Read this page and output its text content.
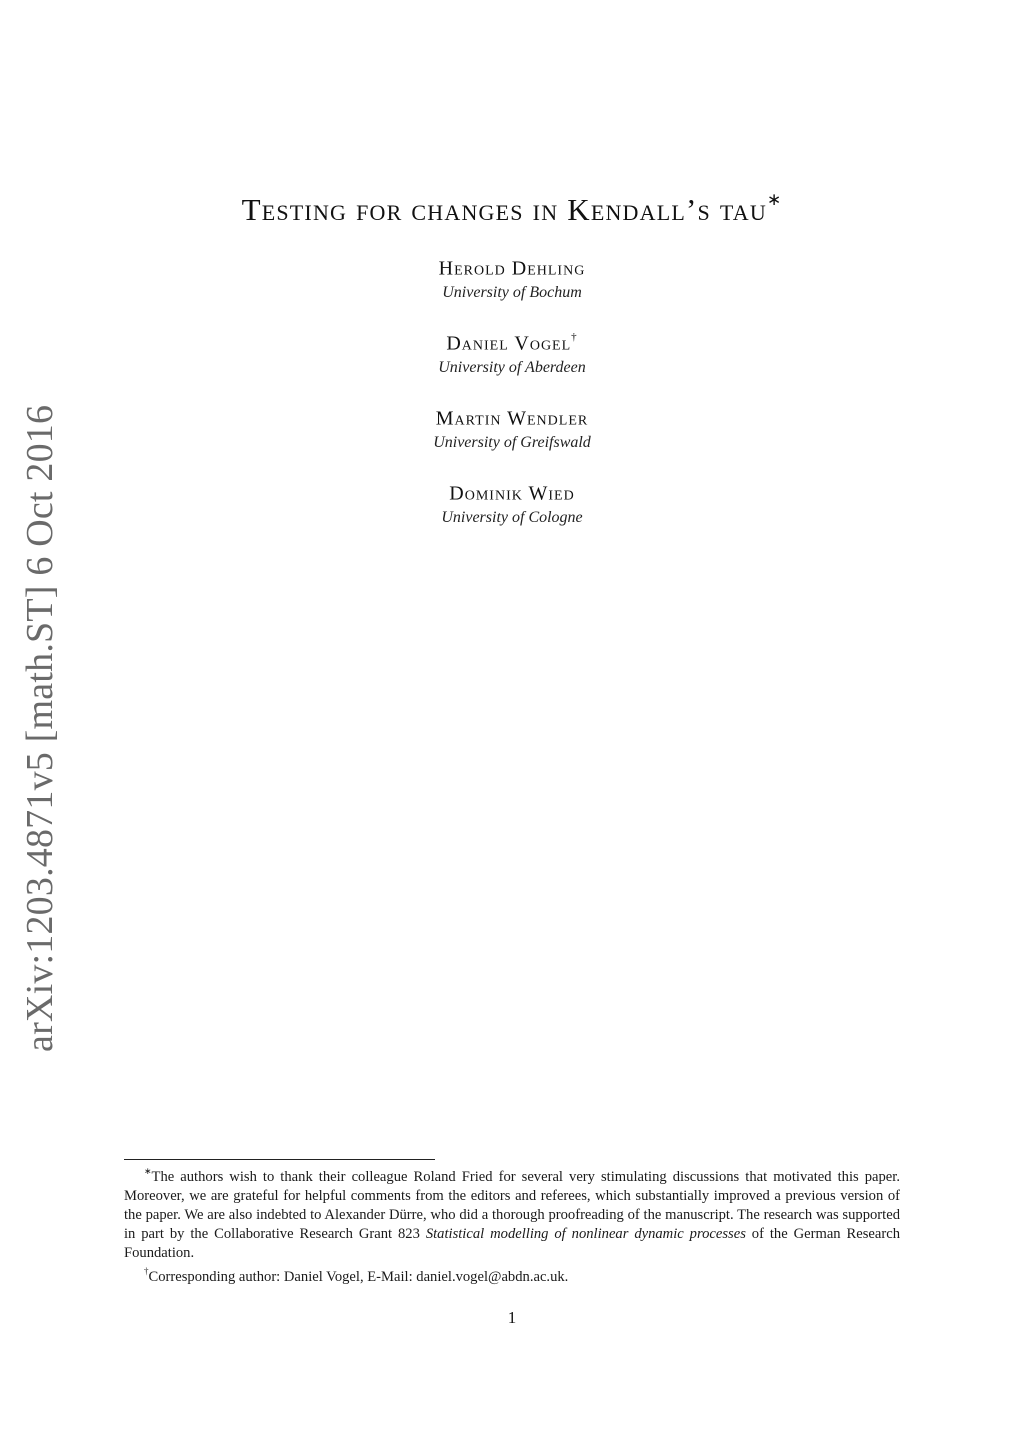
arXiv:1203.4871v5 [math.ST] 6 Oct 2016
Testing for changes in Kendall’s tau∗
Herold Dehling
University of Bochum
Daniel Vogel†
University of Aberdeen
Martin Wendler
University of Greifswald
Dominik Wied
University of Cologne

∗The authors wish to thank their colleague Roland Fried for several very stimulating discussions that motivated this paper. Moreover, we are grateful for helpful comments from the editors and referees, which substantially improved a previous version of the paper. We are also indebted to Alexander Dürre, who did a thorough proofreading of the manuscript. The research was supported in part by the Collaborative Research Grant 823 Statistical modelling of nonlinear dynamic processes of the German Research Foundation.

†Corresponding author: Daniel Vogel, E-Mail: daniel.vogel@abdn.ac.uk.

1
